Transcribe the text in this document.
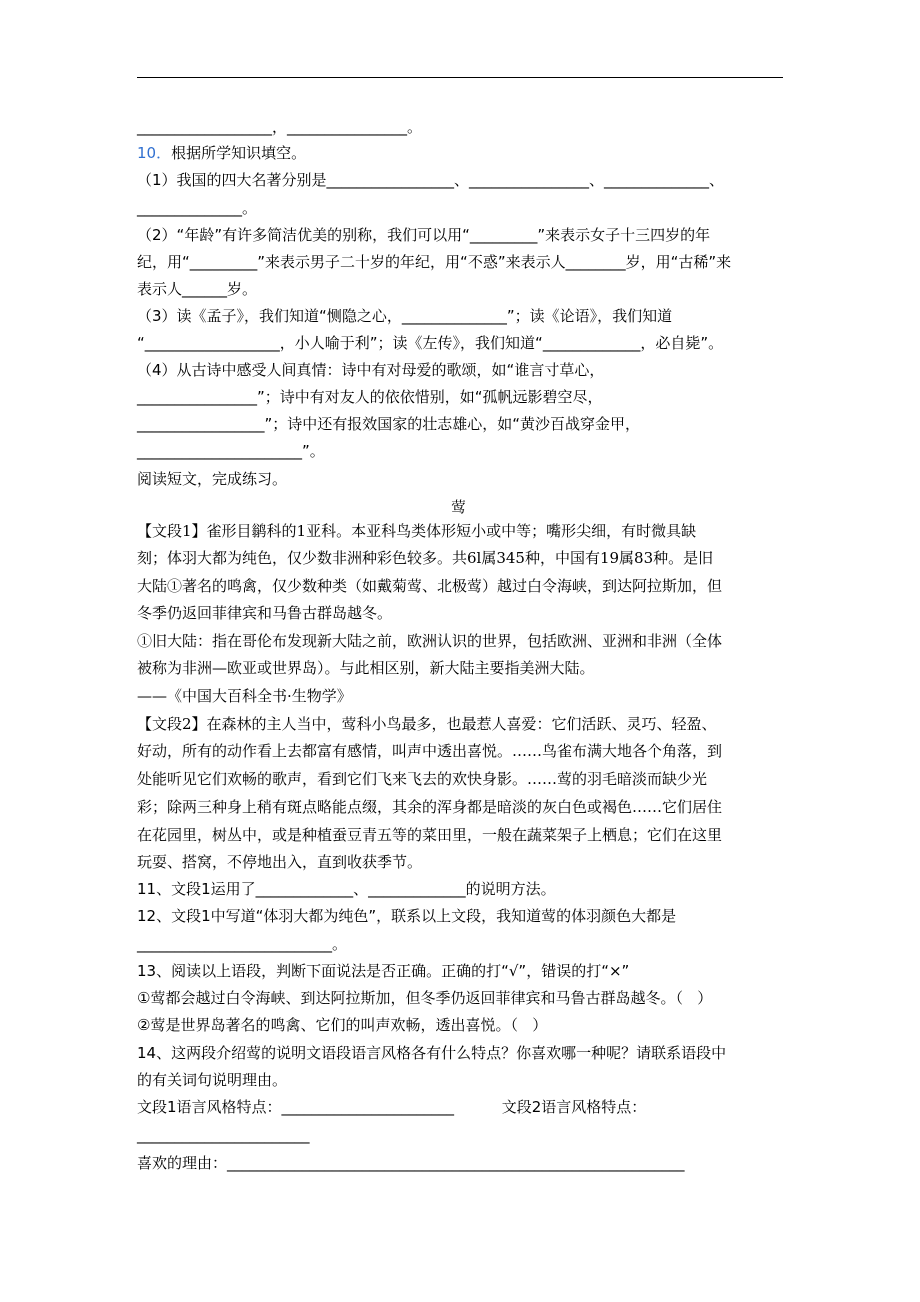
__________________，________________。
10．根据所学知识填空。
（1）我国的四大名著分别是_________________、________________、______________、
______________。
（2）“年龄”有许多简洁优美的别称，我们可以用“_________”来表示女子十三四岁的年
纪，用“_________”来表示男子二十岁的年纪，用“不惑”来表示人________岁，用“古稀”来
表示人______岁。
（3）读《孟子》，我们知道“恻隐之心，______________”；读《论语》，我们知道
“__________________，小人喻于利”；读《左传》，我们知道“_____________，必自毙”。
（4）从古诗中感受人间真情：诗中有对母爱的歌颂，如“谁言寸草心，
________________”；诗中有对友人的依依惜别，如“孤帆远影碧空尽，
_________________”；诗中还有报效国家的壮志雄心，如“黄沙百战穿金甲，
______________________”。
阅读短文，完成练习。
【文段1】雀形目鹟科的1亚科。本亚科鸟类体形短小或中等；嘴形尖细，有时微具缺
刻；体羽大都为纯色，仅少数非洲种彩色较多。共6l属345种，中国有19属83种。是旧
大陆①著名的鸣禽，仅少数种类（如戴菊莺、北极莺）越过白令海峡，到达阿拉斯加，但
冬季仍返回菲律宾和马鲁古群岛越冬。
①旧大陆：指在哥伦布发现新大陆之前，欧洲认识的世界，包括欧洲、亚洲和非洲（全体
被称为非洲—欧亚或世界岛）。与此相区别，新大陆主要指美洲大陆。
——《中国大百科全书·生物学》
【文段2】在森林的主人当中，莺科小鸟最多，也最惹人喜爱：它们活跃、灵巧、轻盈、
好动，所有的动作看上去都富有感情，叫声中透出喜悦。……鸟雀布满大地各个角落，到
处能听见它们欢畅的歌声，看到它们飞来飞去的欢快身影。……莺的羽毛暗淡而缺少光
彩；除两三种身上稍有斑点略能点缀，其余的浑身都是暗淡的灰白色或褐色……它们居住
在花园里，树丛中，或是种植蚕豆青五等的菜田里，一般在蔬菜架子上栖息；它们在这里
玩耍、搭窝，不停地出入，直到收获季节。
11、文段1运用了_____________、_____________的说明方法。
12、文段1中写道“体羽大都为纯色”，联系以上文段，我知道莺的体羽颜色大都是
__________________________。
13、阅读以上语段，判断下面说法是否正确。正确的打“√”，错误的打“×”
①莺都会越过白令海峡、到达阿拉斯加，但冬季仍返回菲律宾和马鲁古群岛越冬。（   ）
②莺是世界岛著名的鸣禽、它们的叫声欢畅，透出喜悦。（   ）
14、这两段介绍莺的说明文语段语言风格各有什么特点？你喜欢哪一种呢？请联系语段中
的有关词句说明理由。
文段1语言风格特点：_______________________          文段2语言风格特点：
_______________________
喜欢的理由：_____________________________________________________________
莺
